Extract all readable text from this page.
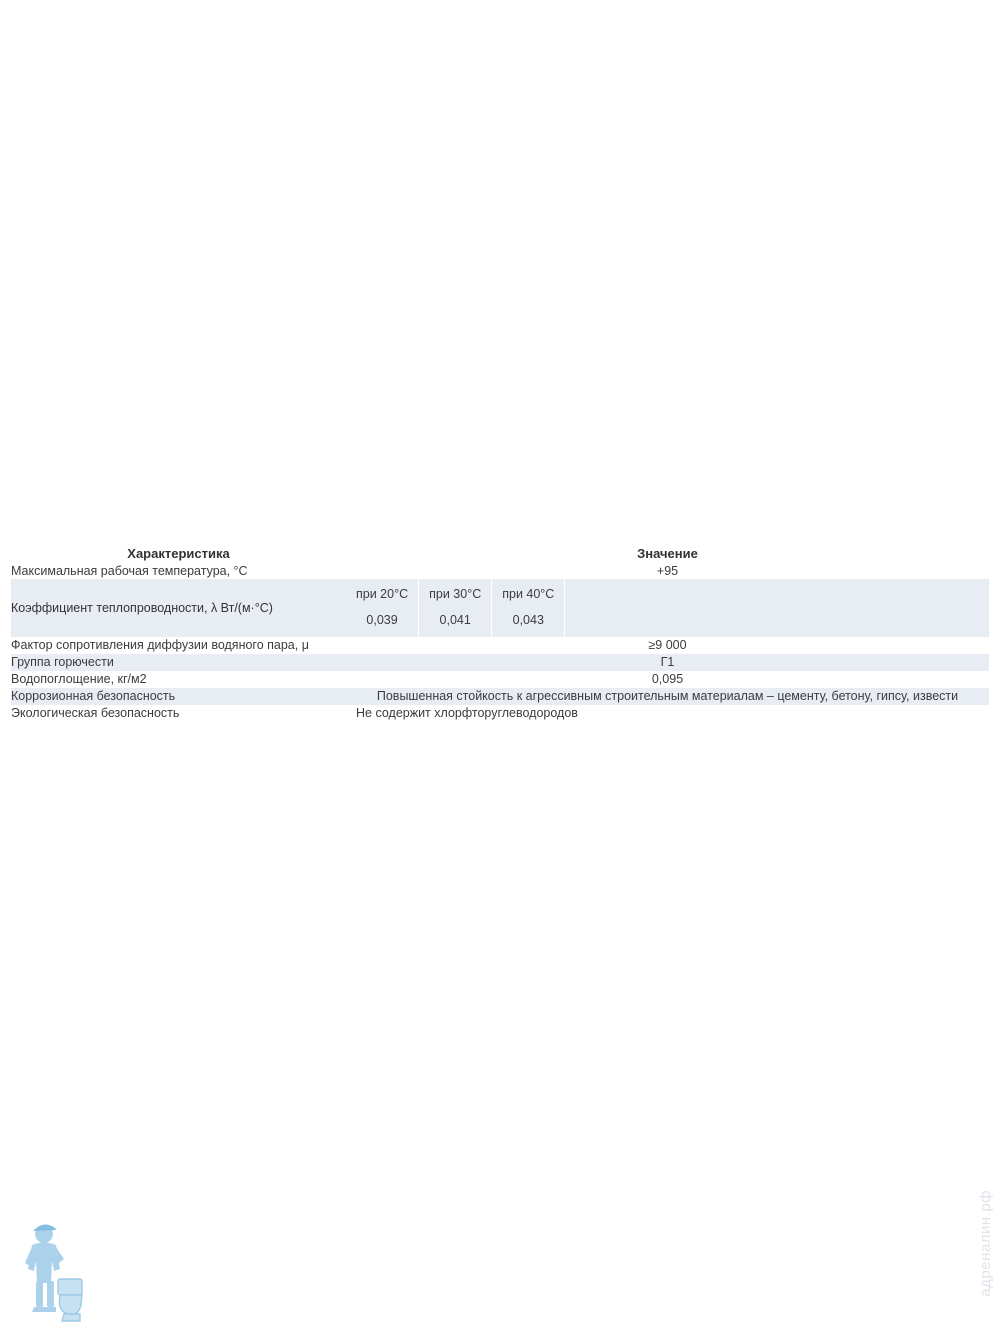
Характеристика	Значение
Максимальная рабочая температура, °C	+95
Коэффициент теплопроводности, λ Вт/(м·°С)	
при 20°C	при 30°C	при 40°C
0,039	0,041	0,043

Фактор сопротивления диффузии водяного пара, μ	≥9 000
Группа горючести	Г1
Водопоглощение, кг/м2	0,095
Коррозионная безопасность	Повышенная стойкость к агрессивным строительным материалам – цементу, бетону, гипсу, извести
Экологическая безопасность	Не содержит хлорфторуглеводородов
адреналин.рф
